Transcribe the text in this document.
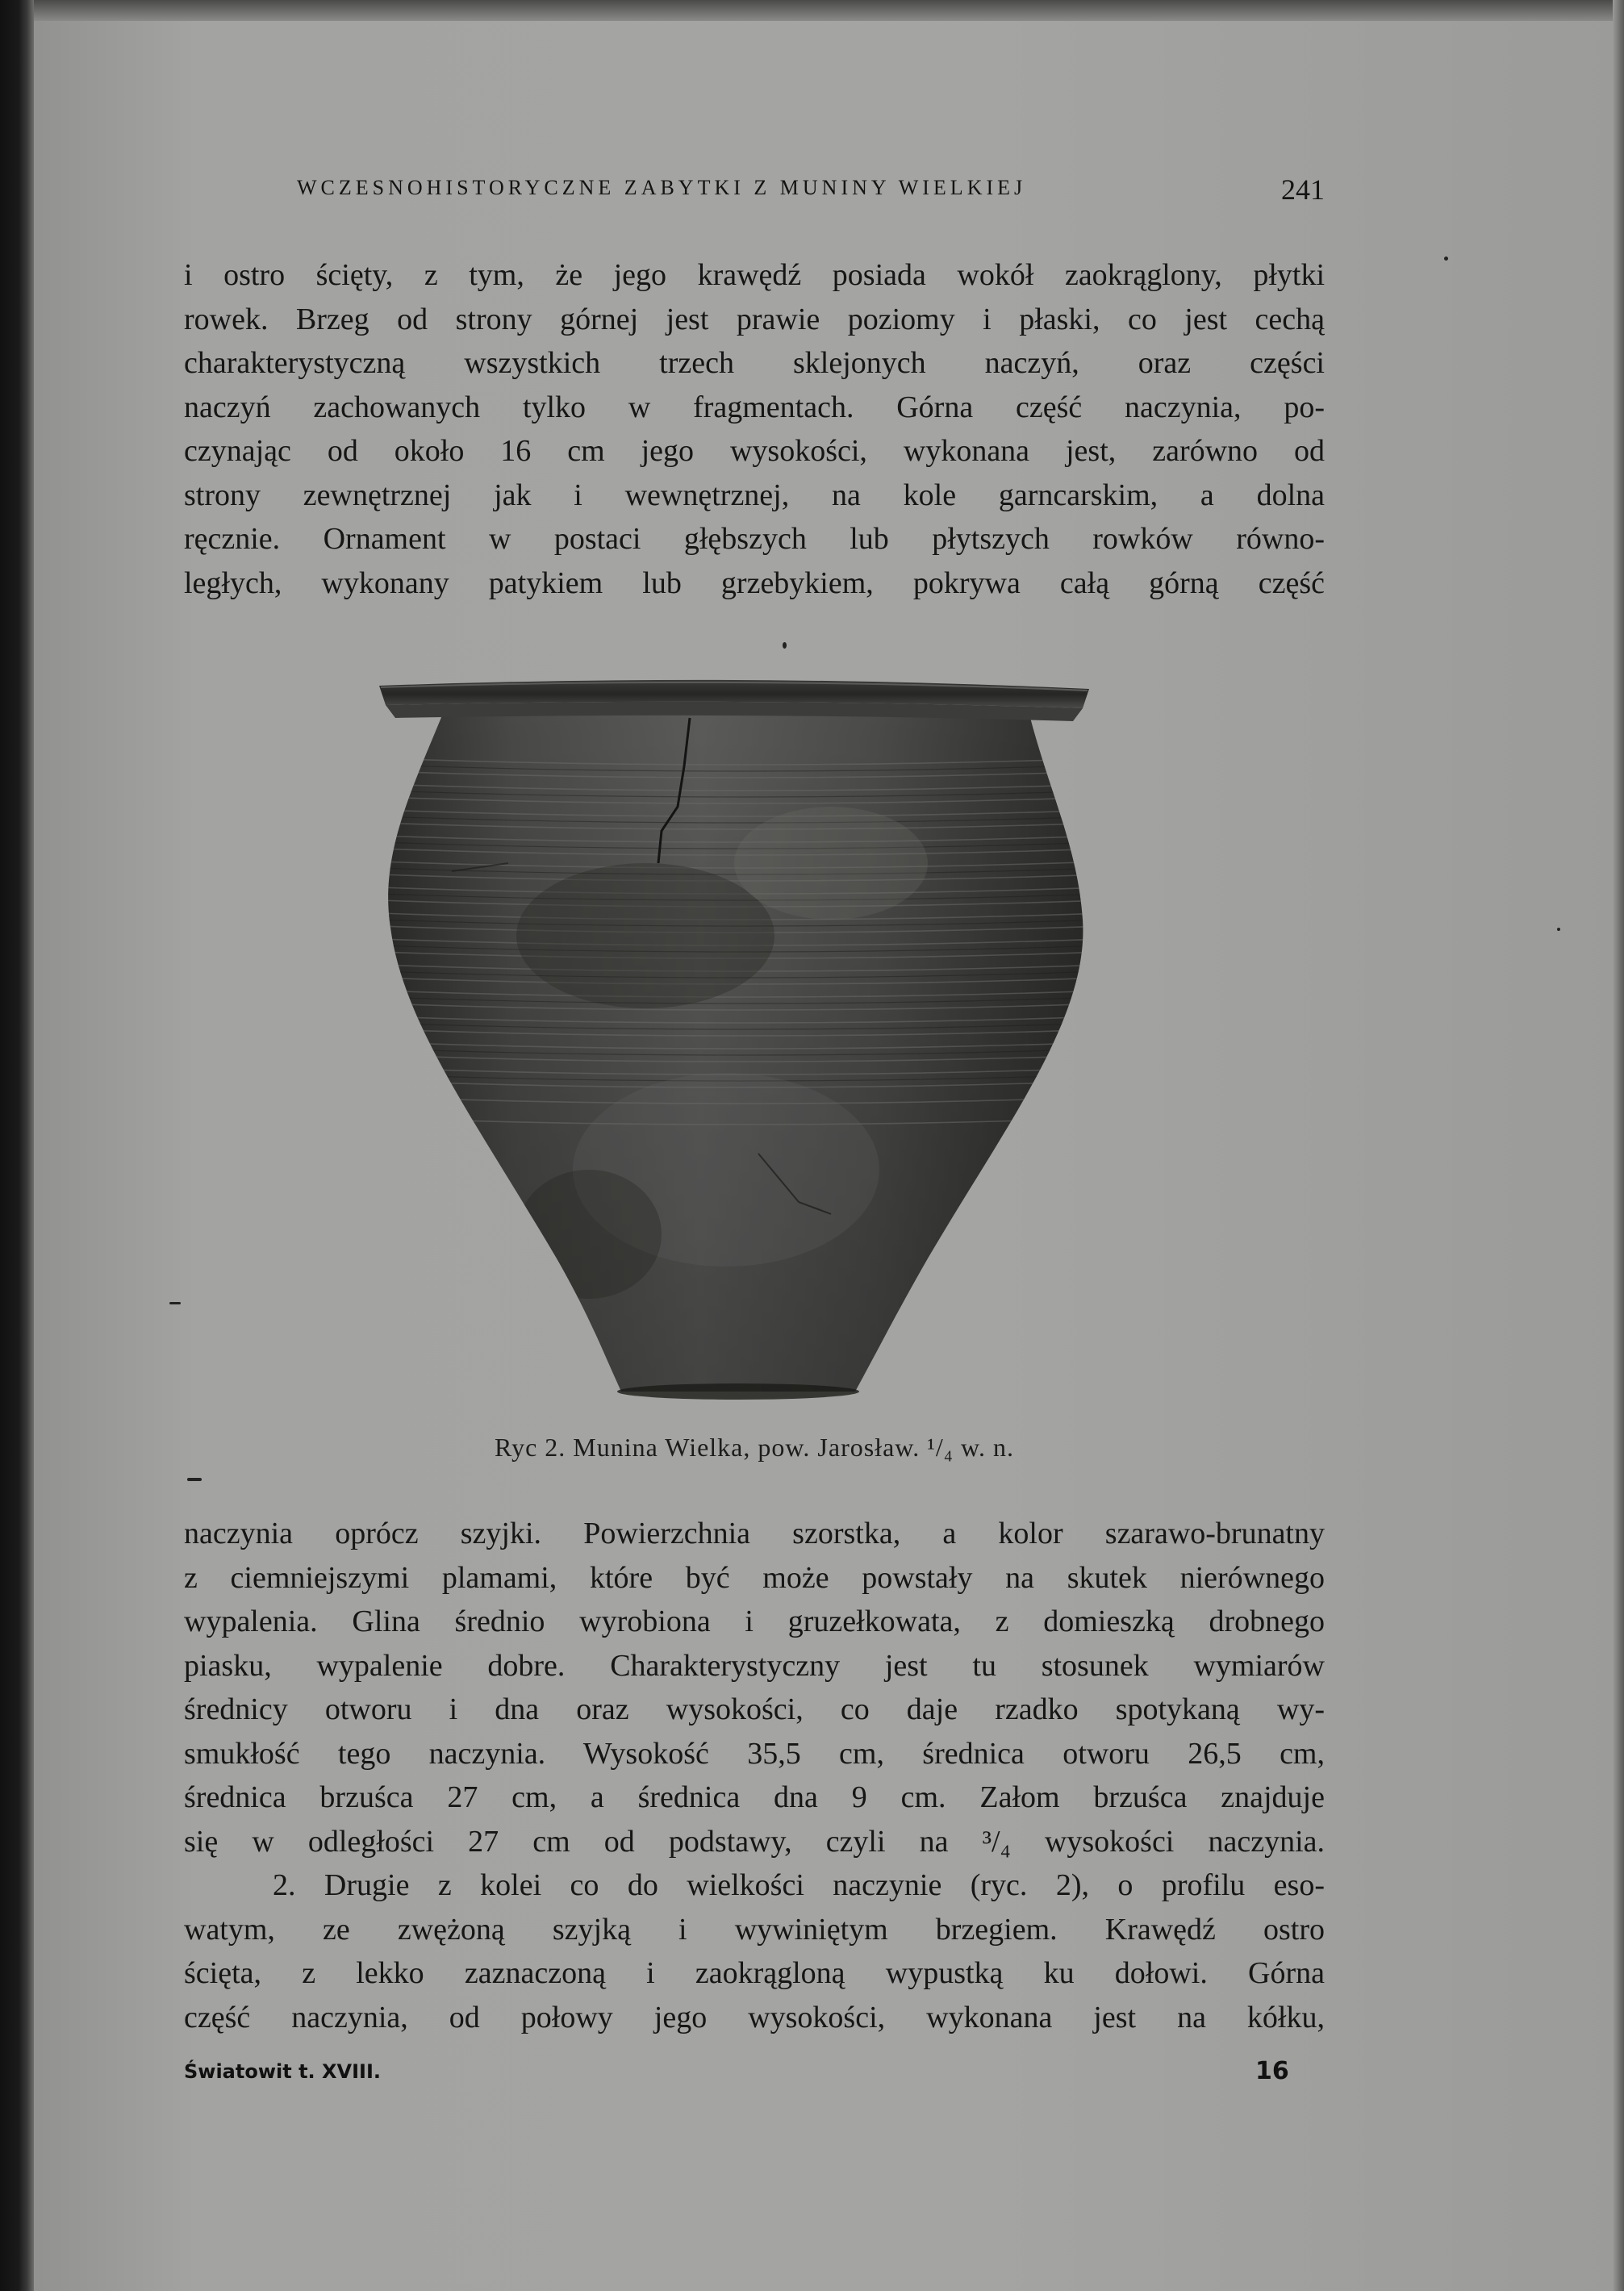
WCZESNOHISTORYCZNE ZABYTKI Z MUNINY WIELKIEJ	241
i ostro ścięty, z tym, że jego krawędź posiada wokół zaokrąglony, płytki
rowek. Brzeg od strony górnej jest prawie poziomy i płaski, co jest cechą
charakterystyczną wszystkich trzech sklejonych naczyń, oraz części
naczyń zachowanych tylko w fragmentach. Górna część naczynia, po-
czynając od około 16 cm jego wysokości, wykonana jest, zarówno od
strony zewnętrznej jak i wewnętrznej, na kole garncarskim, a dolna
ręcznie. Ornament w postaci głębszych lub płytszych rowków równo-
ległych, wykonany patykiem lub grzebykiem, pokrywa całą górną część
Ryc 2. Munina Wielka, pow. Jarosław. ¹/₄ w. n.
naczynia oprócz szyjki. Powierzchnia szorstka, a kolor szarawo-brunatny
z ciemniejszymi plamami, które być może powstały na skutek nierównego
wypalenia. Glina średnio wyrobiona i gruzełkowata, z domieszką drobnego
piasku, wypalenie dobre. Charakterystyczny jest tu stosunek wymiarów
średnicy otworu i dna oraz wysokości, co daje rzadko spotykaną wy-
smukłość tego naczynia. Wysokość 35,5 cm, średnica otworu 26,5 cm,
średnica brzuśca 27 cm, a średnica dna 9 cm. Załom brzuśca znajduje
się w odległości 27 cm od podstawy, czyli na ³/₄ wysokości naczynia.
2. Drugie z kolei co do wielkości naczynie (ryc. 2), o profilu eso-
watym, ze zwężoną szyjką i wywiniętym brzegiem. Krawędź ostro
ścięta, z lekko zaznaczoną i zaokrągloną wypustką ku dołowi. Górna
część naczynia, od połowy jego wysokości, wykonana jest na kółku,
Światowit t. XVIII.	16
